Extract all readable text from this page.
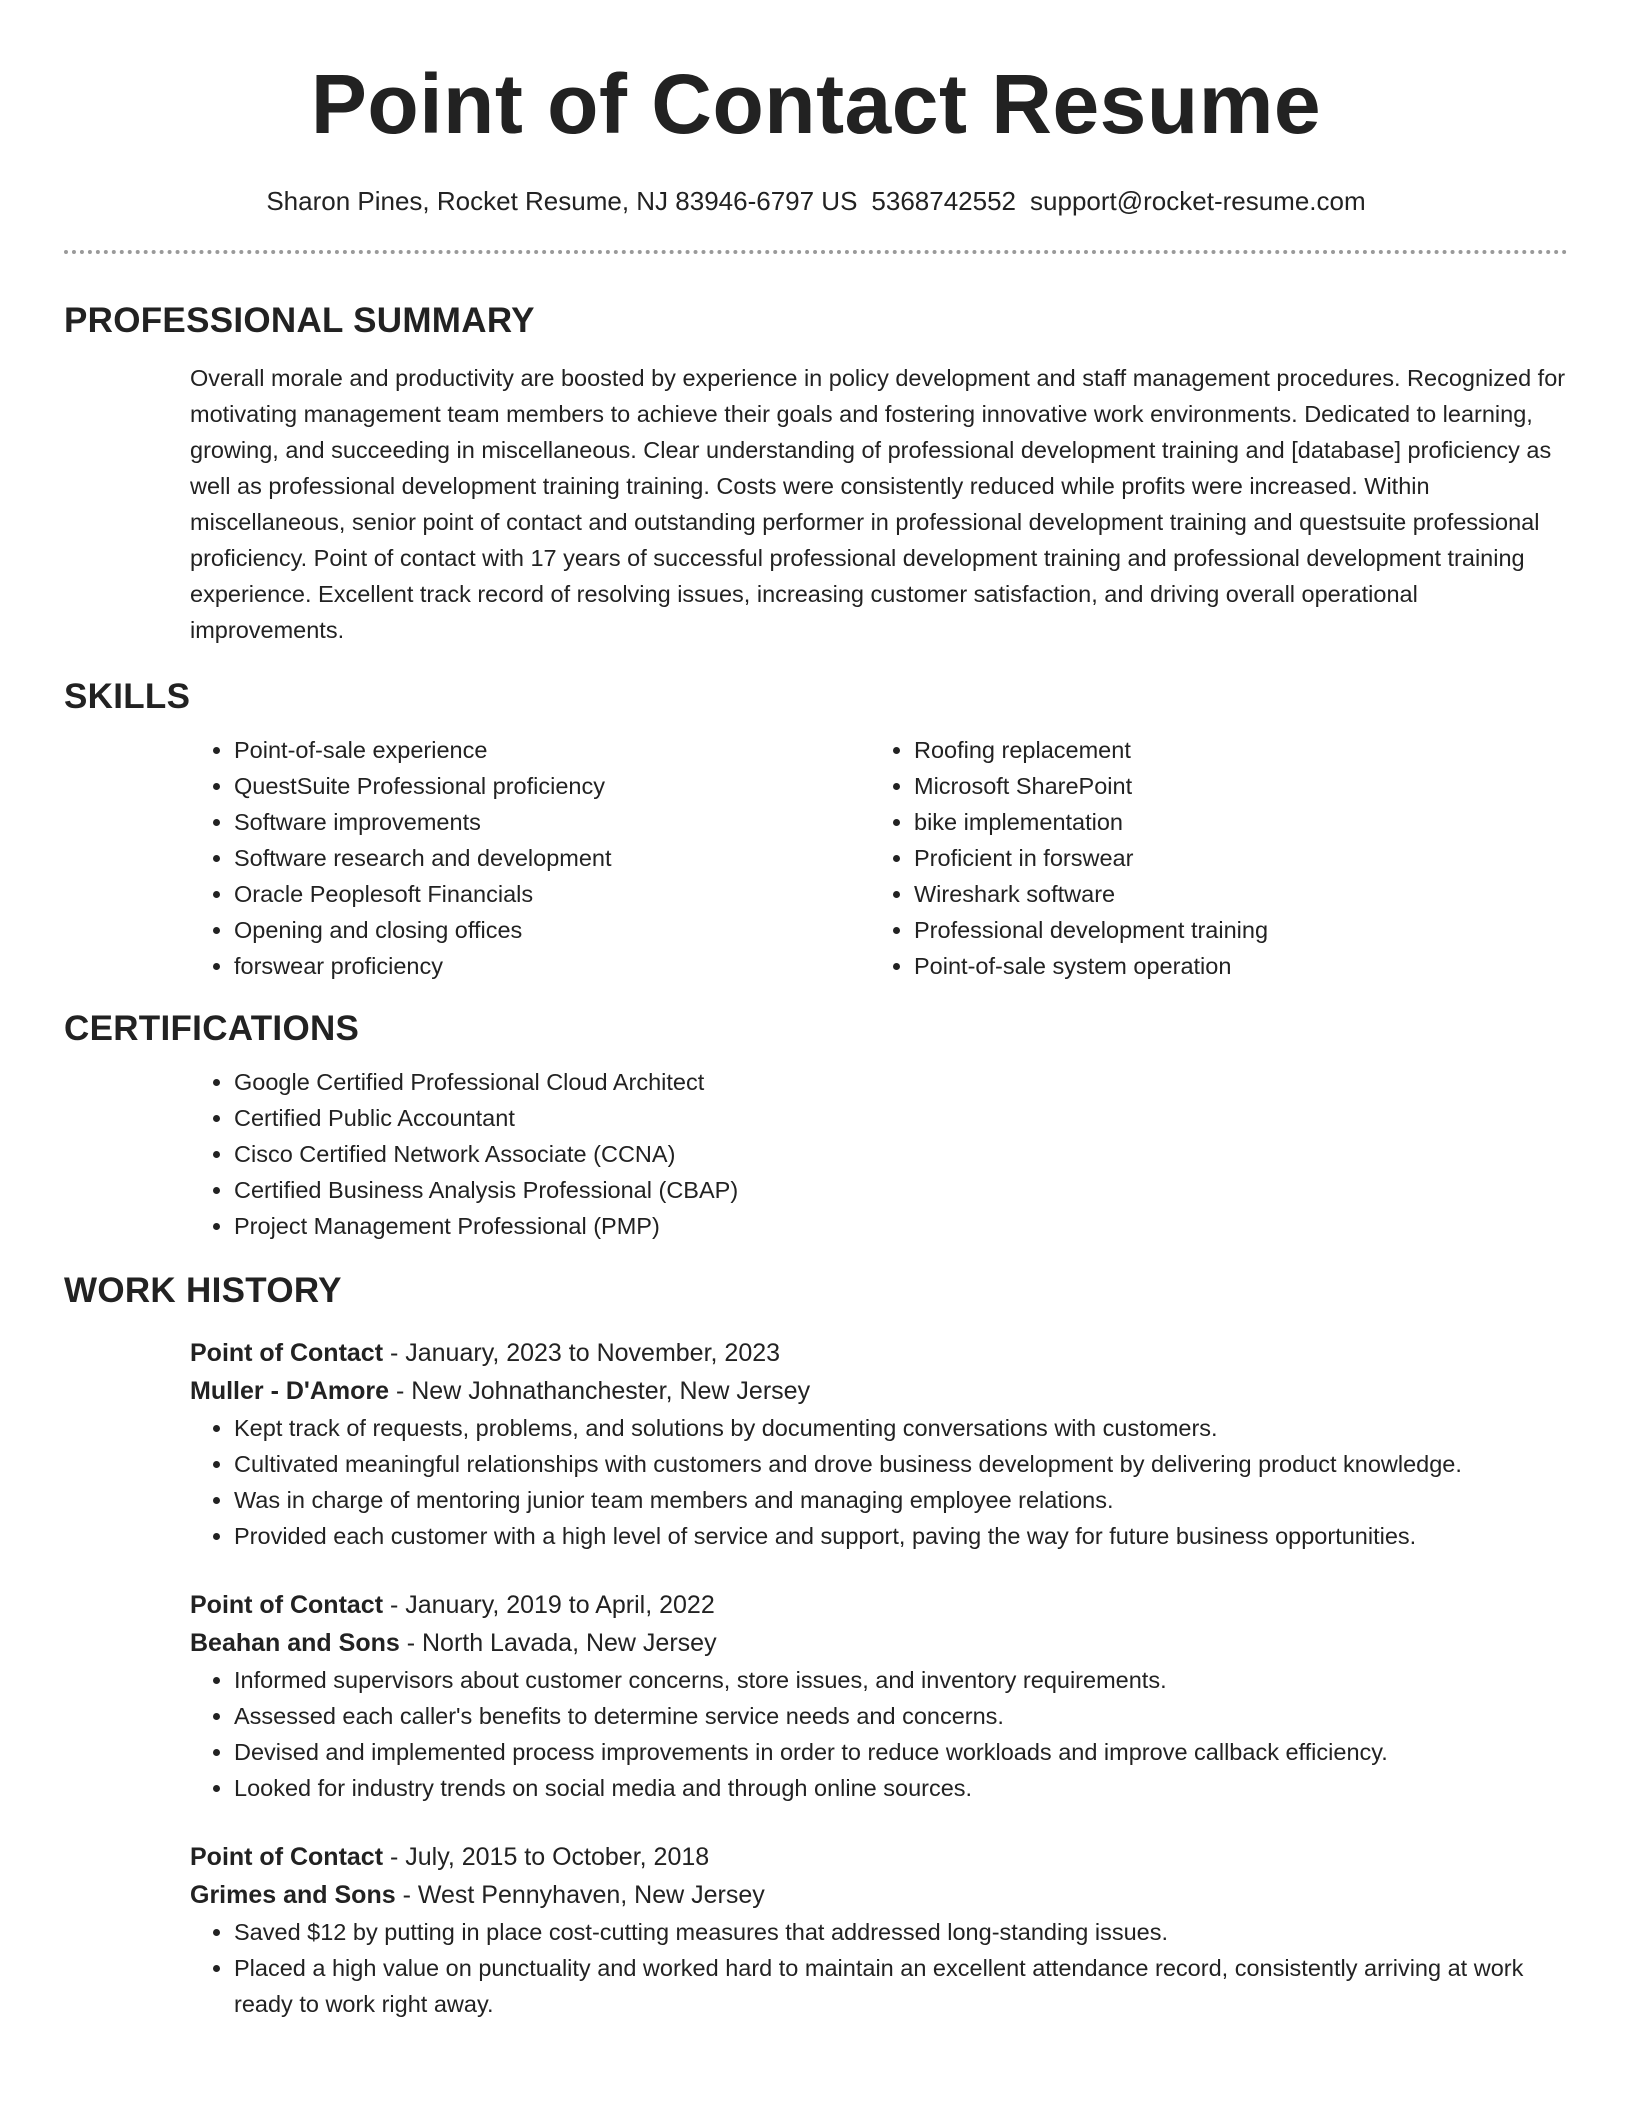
Point of Contact Resume
Sharon Pines, Rocket Resume, NJ 83946-6797 US 5368742552 support@rocket-resume.com
PROFESSIONAL SUMMARY

Overall morale and productivity are boosted by experience in policy development and staff management procedures. Recognized for motivating management team members to achieve their goals and fostering innovative work environments. Dedicated to learning, growing, and succeeding in miscellaneous. Clear understanding of professional development training and [database] proficiency as well as professional development training training. Costs were consistently reduced while profits were increased. Within miscellaneous, senior point of contact and outstanding performer in professional development training and questsuite professional proficiency. Point of contact with 17 years of successful professional development training and professional development training experience. Excellent track record of resolving issues, increasing customer satisfaction, and driving overall operational improvements.

SKILLS
• Point-of-sale experience
• QuestSuite Professional proficiency
• Software improvements
• Software research and development
• Oracle Peoplesoft Financials
• Opening and closing offices
• forswear proficiency
• Roofing replacement
• Microsoft SharePoint
• bike implementation
• Proficient in forswear
• Wireshark software
• Professional development training
• Point-of-sale system operation
CERTIFICATIONS
• Google Certified Professional Cloud Architect
• Certified Public Accountant
• Cisco Certified Network Associate (CCNA)
• Certified Business Analysis Professional (CBAP)
• Project Management Professional (PMP)
WORK HISTORY
Point of Contact - January, 2023 to November, 2023
Muller - D'Amore - New Johnathanchester, New Jersey
• Kept track of requests, problems, and solutions by documenting conversations with customers.
• Cultivated meaningful relationships with customers and drove business development by delivering product knowledge.
• Was in charge of mentoring junior team members and managing employee relations.
• Provided each customer with a high level of service and support, paving the way for future business opportunities.
Point of Contact - January, 2019 to April, 2022
Beahan and Sons - North Lavada, New Jersey
• Informed supervisors about customer concerns, store issues, and inventory requirements.
• Assessed each caller's benefits to determine service needs and concerns.
• Devised and implemented process improvements in order to reduce workloads and improve callback efficiency.
• Looked for industry trends on social media and through online sources.
Point of Contact - July, 2015 to October, 2018
Grimes and Sons - West Pennyhaven, New Jersey
• Saved $12 by putting in place cost-cutting measures that addressed long-standing issues.
• Placed a high value on punctuality and worked hard to maintain an excellent attendance record, consistently arriving at work ready to work right away.
